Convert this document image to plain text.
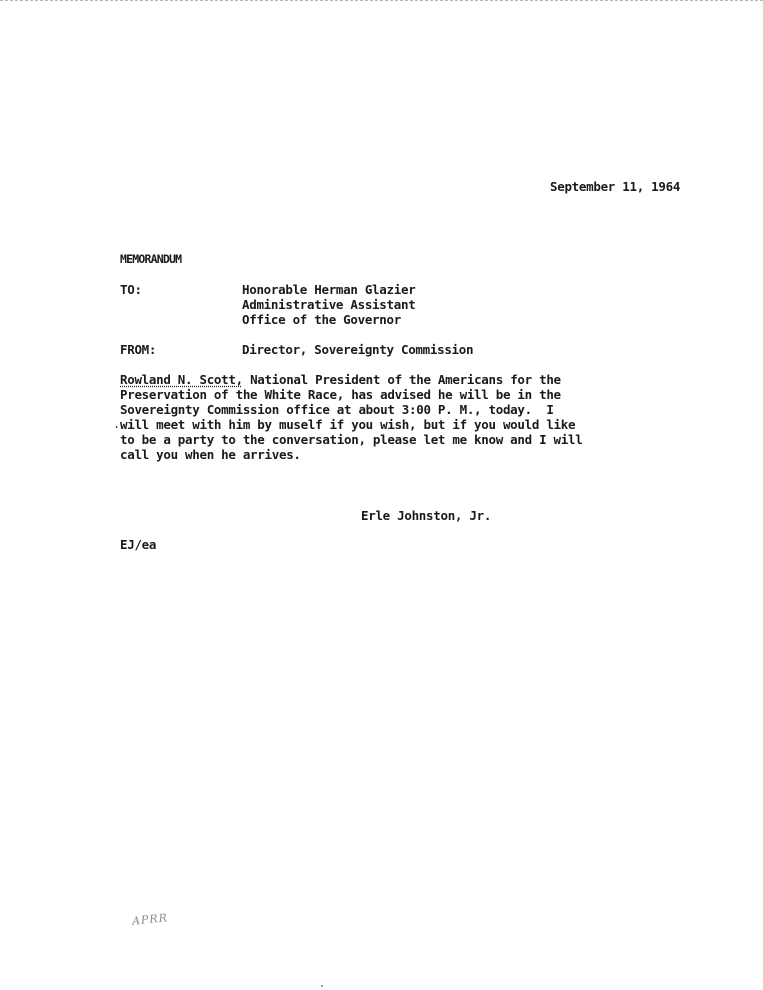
September 11, 1964
MEMORANDUM
TO:	Honorable Herman Glazier
Administrative Assistant
Office of the Governor
FROM:	Director, Sovereignty Commission
Rowland N. Scott, National President of the Americans for the
Preservation of the White Race, has advised he will be in the
Sovereignty Commission office at about 3:00 P. M., today.  I
. will meet with him by muself if you wish, but if you would like
to be a party to the conversation, please let me know and I will
call you when he arrives.
Erle Johnston, Jr.
EJ/ea
APRR
